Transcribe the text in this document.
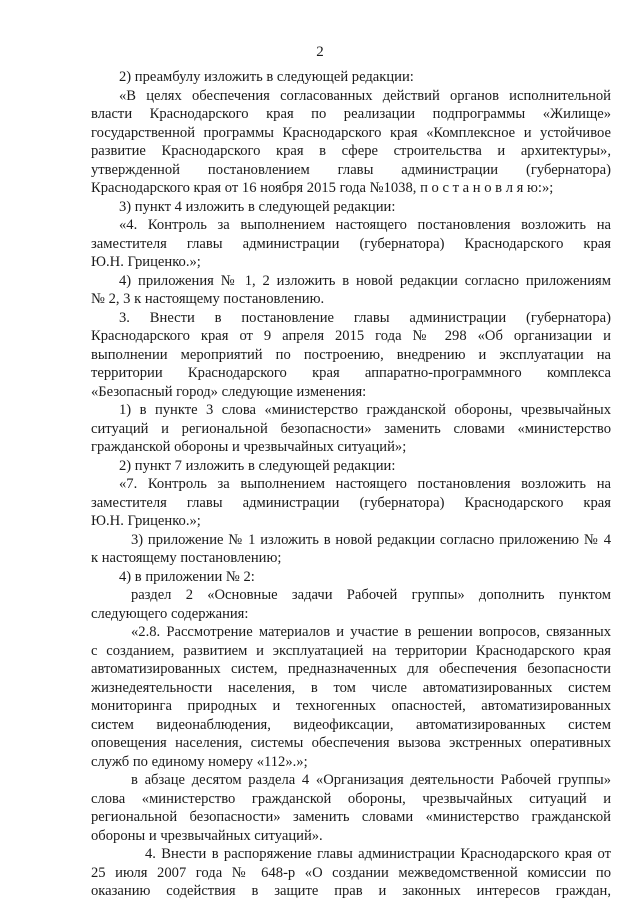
2
2) преамбулу изложить в следующей редакции:
«В целях обеспечения согласованных действий органов исполнительной
власти Краснодарского края по реализации подпрограммы «Жилище»
государственной программы Краснодарского края «Комплексное и устойчивое
развитие Краснодарского края в сфере строительства и архитектуры»,
утвержденной постановлением главы администрации (губернатора)
Краснодарского края от 16 ноября 2015 года №1038, п о с т а н о в л я ю:»;
3) пункт 4 изложить в следующей редакции:
«4. Контроль за выполнением настоящего постановления возложить на
заместителя главы администрации (губернатора) Краснодарского края
Ю.Н. Гриценко.»;
4) приложения № 1, 2 изложить в новой редакции согласно приложениям
№ 2, 3 к настоящему постановлению.
3. Внести в постановление главы администрации (губернатора)
Краснодарского края от 9 апреля 2015 года № 298 «Об организации и
выполнении мероприятий по построению, внедрению и эксплуатации на
территории Краснодарского края аппаратно-программного комплекса
«Безопасный город» следующие изменения:
1) в пункте 3 слова «министерство гражданской обороны, чрезвычайных
ситуаций и региональной безопасности» заменить словами «министерство
гражданской обороны и чрезвычайных ситуаций»;
2) пункт 7 изложить в следующей редакции:
«7. Контроль за выполнением настоящего постановления возложить на
заместителя главы администрации (губернатора) Краснодарского края
Ю.Н. Гриценко.»;
3) приложение № 1 изложить в новой редакции согласно приложению № 4
к настоящему постановлению;
4) в приложении № 2:
раздел 2 «Основные задачи Рабочей группы» дополнить пунктом
следующего содержания:
«2.8. Рассмотрение материалов и участие в решении вопросов, связанных
с созданием, развитием и эксплуатацией на территории Краснодарского края
автоматизированных систем, предназначенных для обеспечения безопасности
жизнедеятельности населения, в том числе автоматизированных систем
мониторинга природных и техногенных опасностей, автоматизированных
систем видеонаблюдения, видеофиксации, автоматизированных систем
оповещения населения, системы обеспечения вызова экстренных оперативных
служб по единому номеру «112».»;
в абзаце десятом раздела 4 «Организация деятельности Рабочей группы»
слова «министерство гражданской обороны, чрезвычайных ситуаций и
региональной безопасности» заменить словами «министерство гражданской
обороны и чрезвычайных ситуаций».
4. Внести в распоряжение главы администрации Краснодарского края от
25 июля 2007 года № 648-р «О создании межведомственной комиссии по
оказанию содействия в защите прав и законных интересов граждан,
